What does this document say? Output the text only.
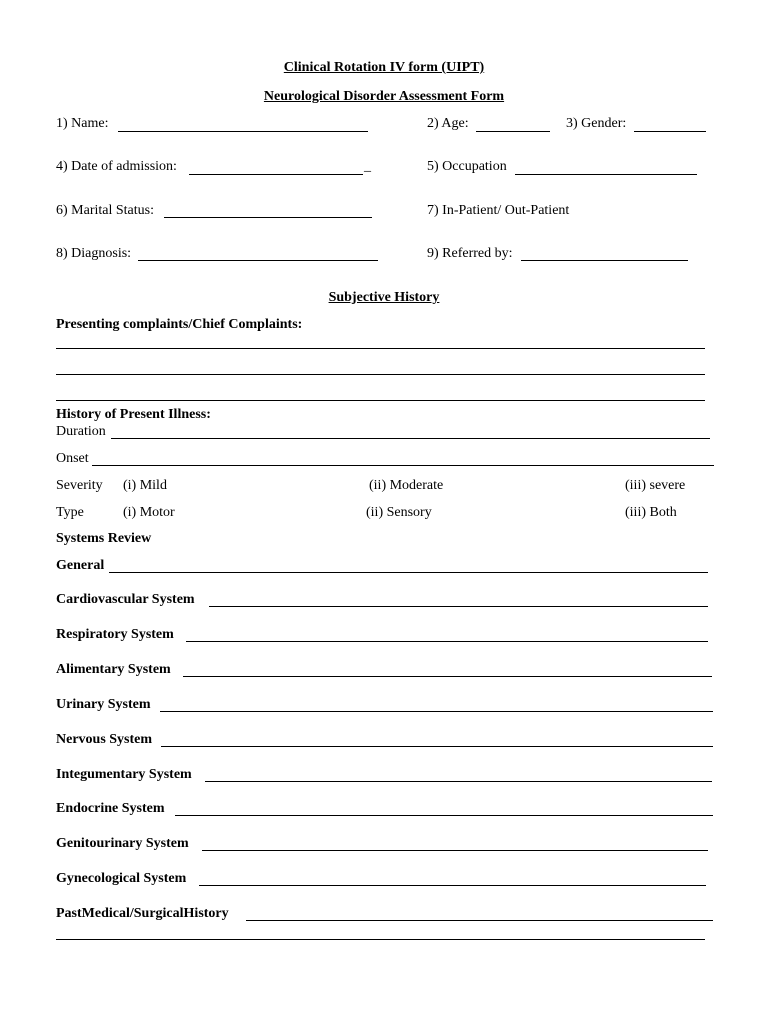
Clinical Rotation IV form (UIPT)
Neurological Disorder Assessment Form
1) Name:	2) Age:	3) Gender:
4) Date of admission:	_	5) Occupation
6) Marital Status:	7) In-Patient/ Out-Patient
8) Diagnosis:	9) Referred by:
Subjective History
Presenting complaints/Chief Complaints:
History of Present Illness:
Duration
Onset
Severity (i) Mild	(ii) Moderate	(iii) severe
Type	(i) Motor	(ii) Sensory	(iii) Both
Systems Review
General
Cardiovascular System
Respiratory System
Alimentary System
Urinary System
Nervous System
Integumentary System
Endocrine System
Genitourinary System
Gynecological System
PastMedical/SurgicalHistory
